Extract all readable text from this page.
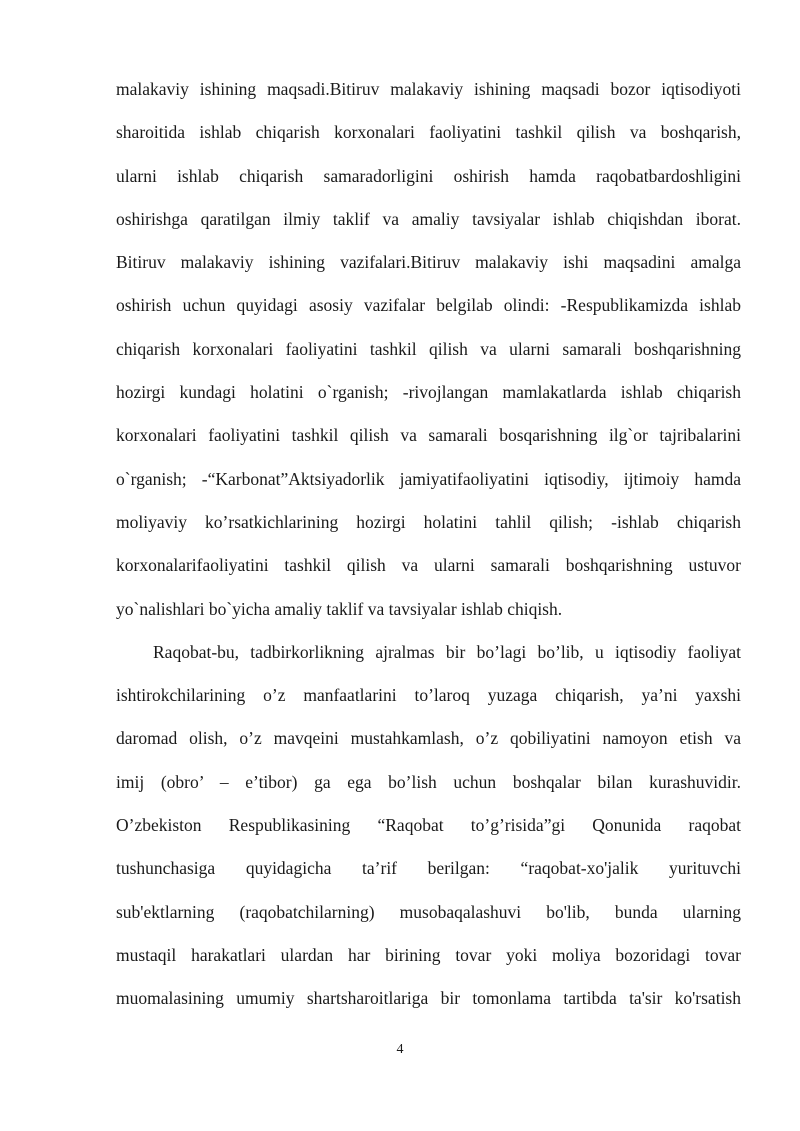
malakaviy ishining maqsadi.Bitiruv malakaviy ishining maqsadi bozor iqtisodiyoti
sharoitida ishlab chiqarish korxonalari faoliyatini tashkil qilish va boshqarish,
ularni ishlab chiqarish samaradorligini oshirish hamda raqobatbardoshligini
oshirishga qaratilgan ilmiy taklif va amaliy tavsiyalar ishlab chiqishdan iborat.
Bitiruv malakaviy ishining vazifalari.Bitiruv malakaviy ishi maqsadini amalga
oshirish uchun quyidagi asosiy vazifalar belgilab olindi: -Respublikamizda ishlab
chiqarish korxonalari faoliyatini tashkil qilish va ularni samarali boshqarishning
hozirgi kundagi holatini o`rganish; -rivojlangan mamlakatlarda ishlab chiqarish
korxonalari faoliyatini tashkil qilish va samarali bosqarishning ilg`or tajribalarini
o`rganish; -“Karbonat”Aktsiyadorlik jamiyatifaoliyatini iqtisodiy, ijtimoiy hamda
moliyaviy ko’rsatkichlarining hozirgi holatini tahlil qilish; -ishlab chiqarish
korxonalarifaoliyatini tashkil qilish va ularni samarali boshqarishning ustuvor
yo`nalishlari bo`yicha amaliy taklif va tavsiyalar ishlab chiqish.
Raqobat-bu, tadbirkorlikning ajralmas bir bo’lagi bo’lib, u iqtisodiy faoliyat
ishtirokchilarining o’z manfaatlarini to’laroq yuzaga chiqarish, ya’ni yaxshi
daromad olish, o’z mavqeini mustahkamlash, o’z qobiliyatini namoyon etish va
imij (obro’ – e’tibor) ga ega bo’lish uchun boshqalar bilan kurashuvidir.
O’zbekiston Respublikasining “Raqobat to’g’risida”gi Qonunida raqobat
tushunchasiga quyidagicha ta’rif berilgan: “raqobat-xo'jalik yurituvchi
sub'ektlarning (raqobatchilarning) musobaqalashuvi bo'lib, bunda ularning
mustaqil harakatlari ulardan har birining tovar yoki moliya bozoridagi tovar
muomalasining umumiy shartsharoitlariga bir tomonlama tartibda ta'sir ko'rsatish
4
